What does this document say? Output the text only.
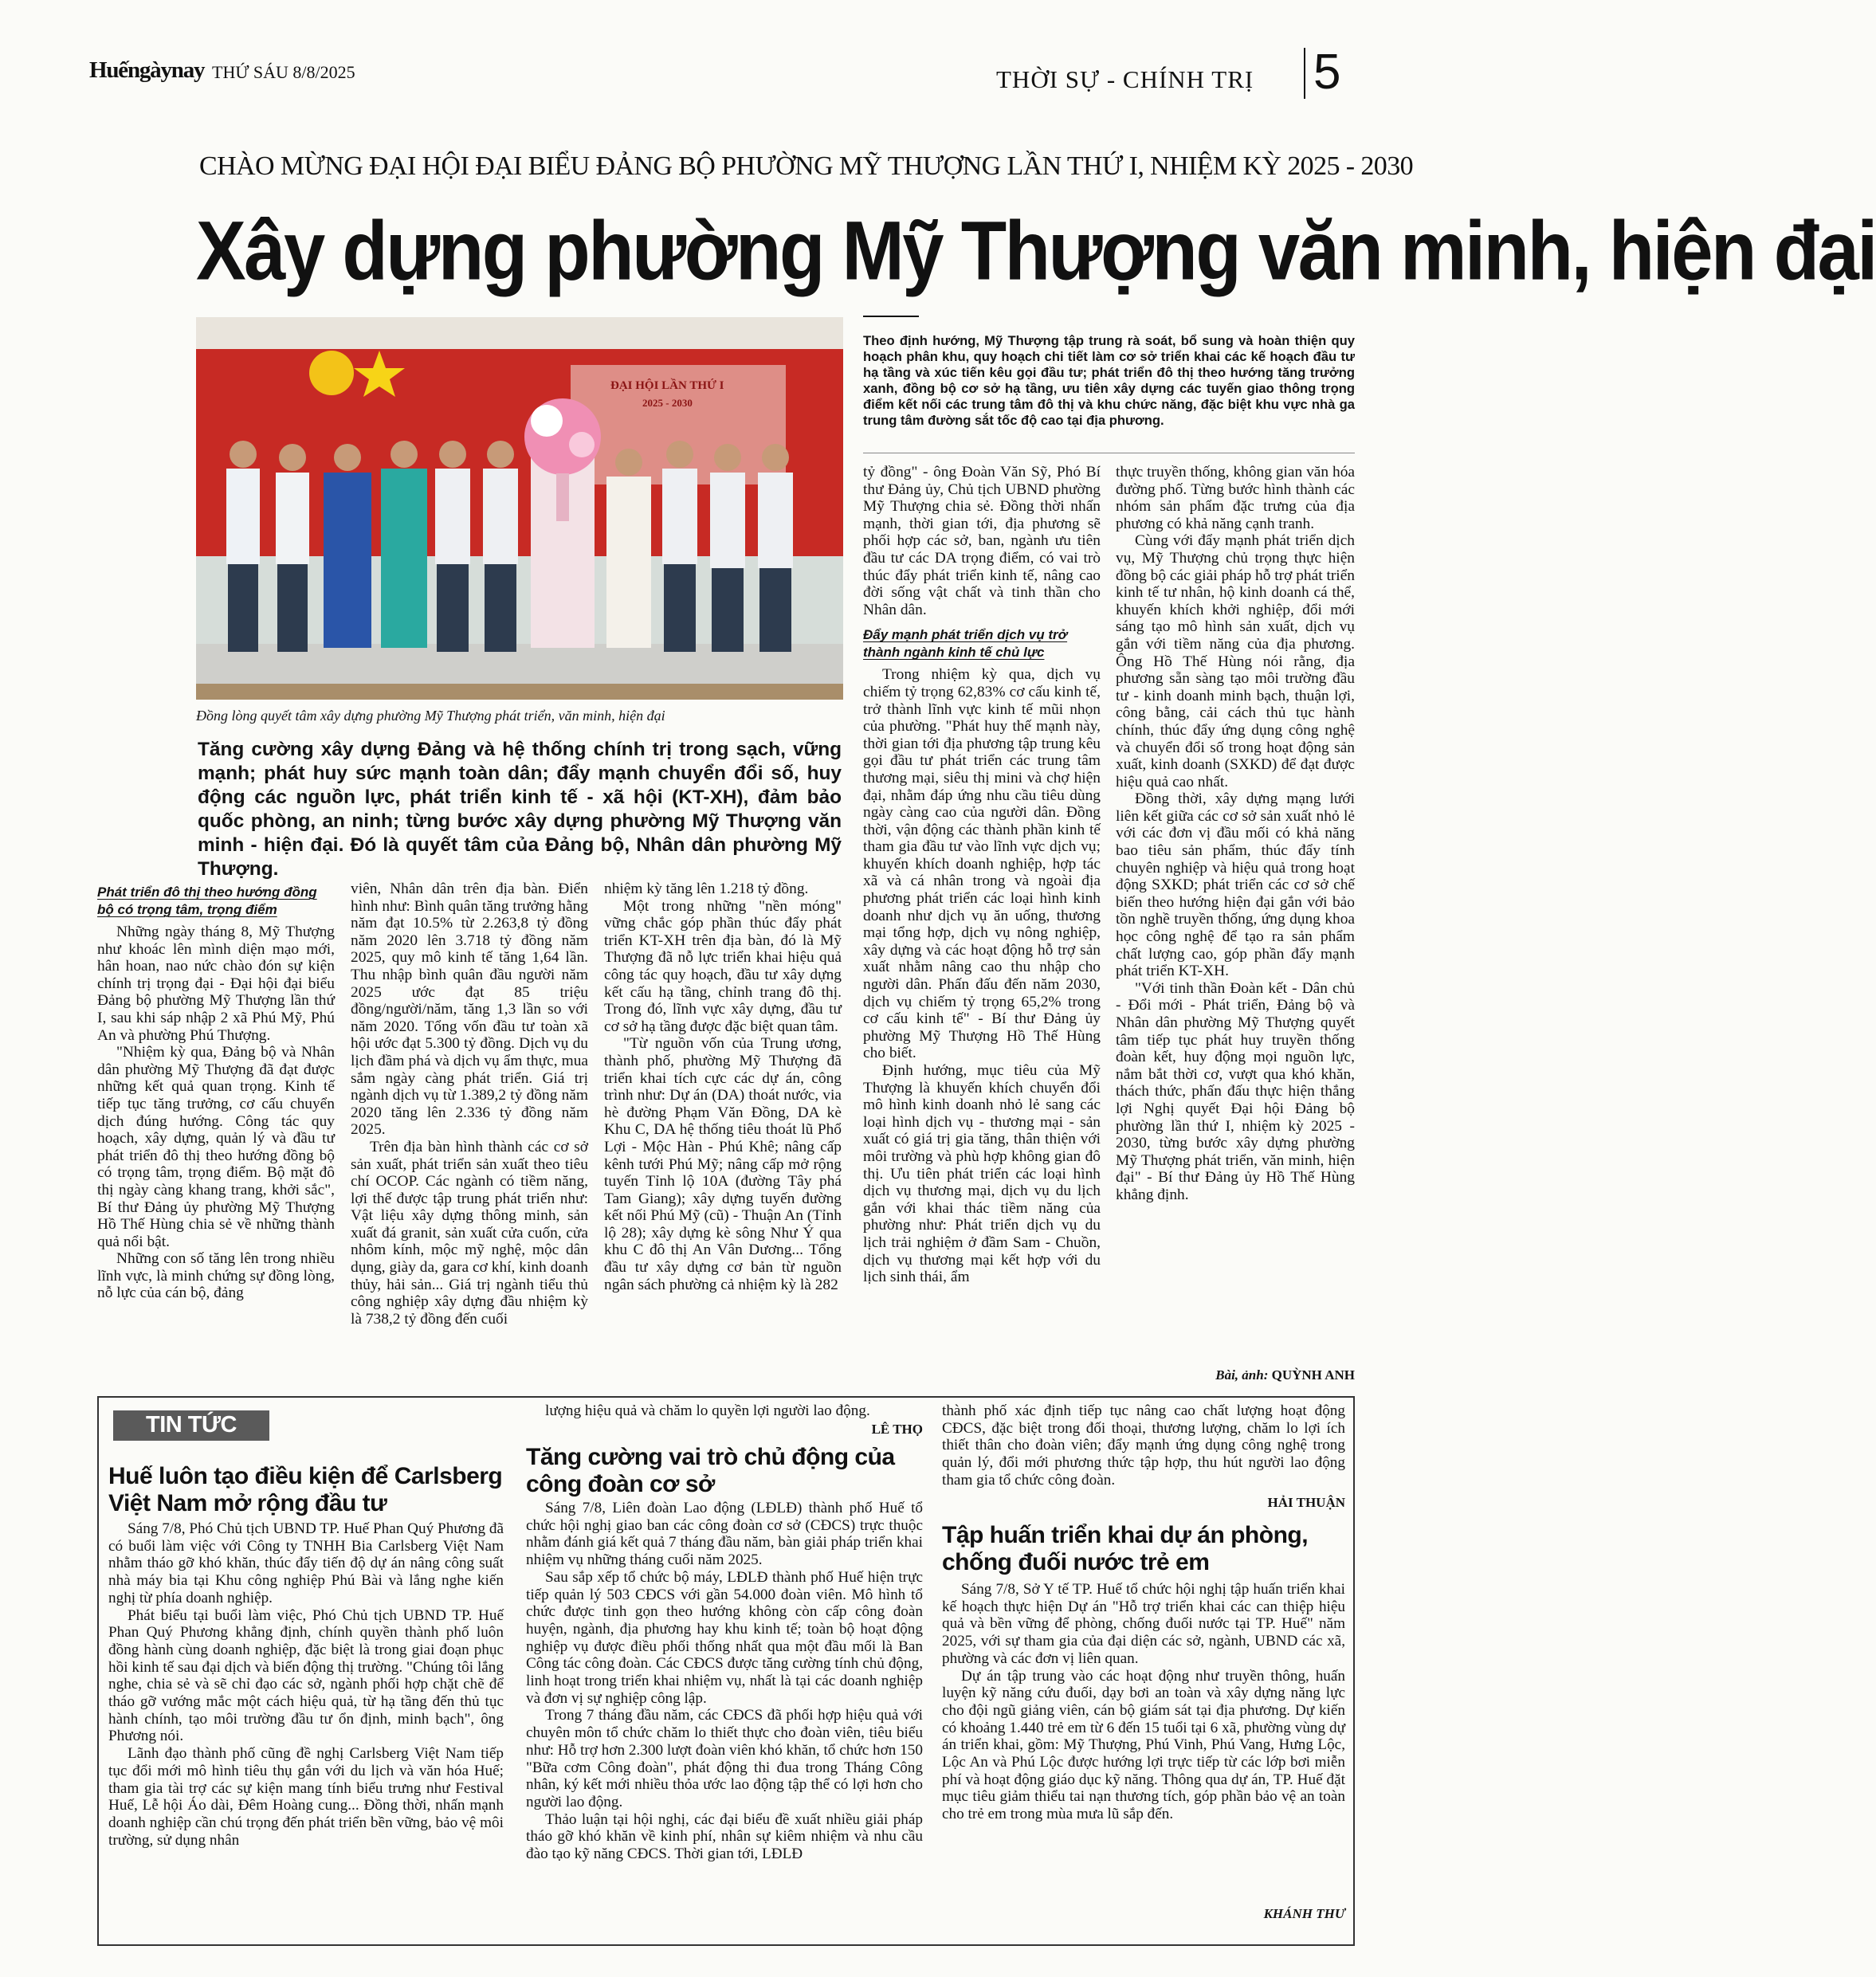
Huếngàynay THỨ SÁU 8/8/2025	THỜI SỰ - CHÍNH TRỊ 5
CHÀO MỪNG ĐẠI HỘI ĐẠI BIỂU ĐẢNG BỘ PHƯỜNG MỸ THƯỢNG LẦN THỨ I, NHIỆM KỲ 2025 - 2030
Xây dựng phường Mỹ Thượng văn minh, hiện đại
ĐẠI HỘI LẦN THỨ I
2025 - 2030
Đồng lòng quyết tâm xây dựng phường Mỹ Thượng phát triển, văn minh, hiện đại
Theo định hướng, Mỹ Thượng tập trung rà soát, bổ sung và hoàn thiện quy hoạch phân khu, quy hoạch chi tiết làm cơ sở triển khai các kế hoạch đầu tư hạ tầng và xúc tiến kêu gọi đầu tư; phát triển đô thị theo hướng tăng trưởng xanh, đồng bộ cơ sở hạ tầng, ưu tiên xây dựng các tuyến giao thông trọng điểm kết nối các trung tâm đô thị và khu chức năng, đặc biệt khu vực nhà ga trung tâm đường sắt tốc độ cao tại địa phương.
Tăng cường xây dựng Đảng và hệ thống chính trị trong sạch, vững mạnh; phát huy sức mạnh toàn dân; đẩy mạnh chuyển đổi số, huy động các nguồn lực, phát triển kinh tế - xã hội (KT-XH), đảm bảo quốc phòng, an ninh; từng bước xây dựng phường Mỹ Thượng văn minh - hiện đại. Đó là quyết tâm của Đảng bộ, Nhân dân phường Mỹ Thượng.
Phát triển đô thị theo hướng đồng bộ có trọng tâm, trọng điểm

Những ngày tháng 8, Mỹ Thượng như khoác lên mình diện mạo mới, hân hoan, nao nức chào đón sự kiện chính trị trọng đại - Đại hội đại biểu Đảng bộ phường Mỹ Thượng lần thứ I, sau khi sáp nhập 2 xã Phú Mỹ, Phú An và phường Phú Thượng.

"Nhiệm kỳ qua, Đảng bộ và Nhân dân phường Mỹ Thượng đã đạt được những kết quả quan trọng. Kinh tế tiếp tục tăng trưởng, cơ cấu chuyển dịch đúng hướng. Công tác quy hoạch, xây dựng, quản lý và đầu tư phát triển đô thị theo hướng đồng bộ có trọng tâm, trọng điểm. Bộ mặt đô thị ngày càng khang trang, khởi sắc", Bí thư Đảng ủy phường Mỹ Thượng Hồ Thế Hùng chia sẻ về những thành quả nổi bật.

Những con số tăng lên trong nhiều lĩnh vực, là minh chứng sự đồng lòng, nỗ lực của cán bộ, đảng

viên, Nhân dân trên địa bàn. Điển hình như: Bình quân tăng trưởng hằng năm đạt 10.5% từ 2.263,8 tỷ đồng năm 2020 lên 3.718 tỷ đồng năm 2025, quy mô kinh tế tăng 1,64 lần. Thu nhập bình quân đầu người năm 2025 ước đạt 85 triệu đồng/người/năm, tăng 1,3 lần so với năm 2020. Tổng vốn đầu tư toàn xã hội ước đạt 5.300 tỷ đồng. Dịch vụ du lịch đầm phá và dịch vụ ẩm thực, mua sắm ngày càng phát triển. Giá trị ngành dịch vụ từ 1.389,2 tỷ đồng năm 2020 tăng lên 2.336 tỷ đồng năm 2025.

Trên địa bàn hình thành các cơ sở sản xuất, phát triển sản xuất theo tiêu chí OCOP. Các ngành có tiềm năng, lợi thế được tập trung phát triển như: Vật liệu xây dựng thông minh, sản xuất đá granit, sản xuất cửa cuốn, cửa nhôm kính, mộc mỹ nghệ, mộc dân dụng, giày da, gara cơ khí, kinh doanh thủy, hải sản... Giá trị ngành tiểu thủ công nghiệp xây dựng đầu nhiệm kỳ là 738,2 tỷ đồng đến cuối

nhiệm kỳ tăng lên 1.218 tỷ đồng.

Một trong những "nền móng" vững chắc góp phần thúc đẩy phát triển KT-XH trên địa bàn, đó là Mỹ Thượng đã nỗ lực triển khai hiệu quả công tác quy hoạch, đầu tư xây dựng kết cấu hạ tầng, chỉnh trang đô thị. Trong đó, lĩnh vực xây dựng, đầu tư cơ sở hạ tầng được đặc biệt quan tâm.

"Từ nguồn vốn của Trung ương, thành phố, phường Mỹ Thượng đã triển khai tích cực các dự án, công trình như: Dự án (DA) thoát nước, via hè đường Phạm Văn Đồng, DA kè Khu C, DA hệ thống tiêu thoát lũ Phổ Lợi - Mộc Hàn - Phú Khê; nâng cấp kênh tưới Phú Mỹ; nâng cấp mở rộng tuyến Tỉnh lộ 10A (đường Tây phá Tam Giang); xây dựng tuyến đường kết nối Phú Mỹ (cũ) - Thuận An (Tỉnh lộ 28); xây dựng kè sông Như Ý qua khu C đô thị An Vân Dương... Tổng đầu tư xây dựng cơ bản từ nguồn ngân sách phường cả nhiệm kỳ là 282

tỷ đồng" - ông Đoàn Văn Sỹ, Phó Bí thư Đảng ủy, Chủ tịch UBND phường Mỹ Thượng chia sẻ. Đồng thời nhấn mạnh, thời gian tới, địa phương sẽ phối hợp các sở, ban, ngành ưu tiên đầu tư các DA trọng điểm, có vai trò thúc đẩy phát triển kinh tế, nâng cao đời sống vật chất và tinh thần cho Nhân dân.

Đẩy mạnh phát triển dịch vụ trở thành ngành kinh tế chủ lực

Trong nhiệm kỳ qua, dịch vụ chiếm tỷ trọng 62,83% cơ cấu kinh tế, trở thành lĩnh vực kinh tế mũi nhọn của phường. "Phát huy thế mạnh này, thời gian tới địa phương tập trung kêu gọi đầu tư phát triển các trung tâm thương mại, siêu thị mini và chợ hiện đại, nhằm đáp ứng nhu cầu tiêu dùng ngày càng cao của người dân. Đồng thời, vận động các thành phần kinh tế tham gia đầu tư vào lĩnh vực dịch vụ; khuyến khích doanh nghiệp, hợp tác xã và cá nhân trong và ngoài địa phương phát triển các loại hình kinh doanh như dịch vụ ăn uống, thương mại tổng hợp, dịch vụ nông nghiệp, xây dựng và các hoạt động hỗ trợ sản xuất nhằm nâng cao thu nhập cho người dân. Phấn đấu đến năm 2030, dịch vụ chiếm tỷ trọng 65,2% trong cơ cấu kinh tế" - Bí thư Đảng ủy phường Mỹ Thượng Hồ Thế Hùng cho biết.

Định hướng, mục tiêu của Mỹ Thượng là khuyến khích chuyển đổi mô hình kinh doanh nhỏ lẻ sang các loại hình dịch vụ - thương mại - sản xuất có giá trị gia tăng, thân thiện với môi trường và phù hợp không gian đô thị. Ưu tiên phát triển các loại hình dịch vụ thương mại, dịch vụ du lịch gắn với khai thác tiềm năng của phường như: Phát triển dịch vụ du lịch trải nghiệm ở đầm Sam - Chuồn, dịch vụ thương mại kết hợp với du lịch sinh thái, ẩm

thực truyền thống, không gian văn hóa đường phố. Từng bước hình thành các nhóm sản phẩm đặc trưng của địa phương có khả năng cạnh tranh.

Cùng với đẩy mạnh phát triển dịch vụ, Mỹ Thượng chủ trọng thực hiện đồng bộ các giải pháp hỗ trợ phát triển kinh tế tư nhân, hộ kinh doanh cá thể, khuyến khích khởi nghiệp, đổi mới sáng tạo mô hình sản xuất, dịch vụ gắn với tiềm năng của địa phương. Ông Hồ Thế Hùng nói rằng, địa phương sẵn sàng tạo môi trường đầu tư - kinh doanh minh bạch, thuận lợi, công bằng, cải cách thủ tục hành chính, thúc đẩy ứng dụng công nghệ và chuyển đổi số trong hoạt động sản xuất, kinh doanh (SXKD) để đạt được hiệu quả cao nhất.

Đồng thời, xây dựng mạng lưới liên kết giữa các cơ sở sản xuất nhỏ lẻ với các đơn vị đầu mối có khả năng bao tiêu sản phẩm, thúc đẩy tính chuyên nghiệp và hiệu quả trong hoạt động SXKD; phát triển các cơ sở chế biến theo hướng hiện đại gắn với bảo tồn nghề truyền thống, ứng dụng khoa học công nghệ để tạo ra sản phẩm chất lượng cao, góp phần đẩy mạnh phát triển KT-XH.

"Với tinh thần Đoàn kết - Dân chủ - Đổi mới - Phát triển, Đảng bộ và Nhân dân phường Mỹ Thượng quyết tâm tiếp tục phát huy truyền thống đoàn kết, huy động mọi nguồn lực, nắm bắt thời cơ, vượt qua khó khăn, thách thức, phấn đấu thực hiện thắng lợi Nghị quyết Đại hội Đảng bộ phường lần thứ I, nhiệm kỳ 2025 - 2030, từng bước xây dựng phường Mỹ Thượng phát triển, văn minh, hiện đại" - Bí thư Đảng ủy Hồ Thế Hùng khẳng định.

Bài, ảnh: QUỲNH ANH
TIN TỨC
Huế luôn tạo điều kiện để Carlsberg Việt Nam mở rộng đầu tư

Sáng 7/8, Phó Chủ tịch UBND TP. Huế Phan Quý Phương đã có buổi làm việc với Công ty TNHH Bia Carlsberg Việt Nam nhằm tháo gỡ khó khăn, thúc đẩy tiến độ dự án nâng công suất nhà máy bia tại Khu công nghiệp Phú Bài và lắng nghe kiến nghị từ phía doanh nghiệp.

Phát biểu tại buổi làm việc, Phó Chủ tịch UBND TP. Huế Phan Quý Phương khẳng định, chính quyền thành phố luôn đồng hành cùng doanh nghiệp, đặc biệt là trong giai đoạn phục hồi kinh tế sau đại dịch và biến động thị trường. "Chúng tôi lắng nghe, chia sẻ và sẽ chỉ đạo các sở, ngành phối hợp chặt chẽ để tháo gỡ vướng mắc một cách hiệu quả, từ hạ tầng đến thủ tục hành chính, tạo môi trường đầu tư ổn định, minh bạch", ông Phương nói.

Lãnh đạo thành phố cũng đề nghị Carlsberg Việt Nam tiếp tục đổi mới mô hình tiêu thụ gắn với du lịch và văn hóa Huế; tham gia tài trợ các sự kiện mang tính biểu trưng như Festival Huế, Lễ hội Áo dài, Đêm Hoàng cung... Đồng thời, nhấn mạnh doanh nghiệp cần chú trọng đến phát triển bền vững, bảo vệ môi trường, sử dụng nhân

lượng hiệu quả và chăm lo quyền lợi người lao động.

LÊ THỌ
Tăng cường vai trò chủ động của công đoàn cơ sở

Sáng 7/8, Liên đoàn Lao động (LĐLĐ) thành phố Huế tổ chức hội nghị giao ban các công đoàn cơ sở (CĐCS) trực thuộc nhằm đánh giá kết quả 7 tháng đầu năm, bàn giải pháp triển khai nhiệm vụ những tháng cuối năm 2025.

Sau sắp xếp tổ chức bộ máy, LĐLĐ thành phố Huế hiện trực tiếp quản lý 503 CĐCS với gần 54.000 đoàn viên. Mô hình tổ chức được tinh gọn theo hướng không còn cấp công đoàn huyện, ngành, địa phương hay khu kinh tế; toàn bộ hoạt động nghiệp vụ được điều phối thống nhất qua một đầu mối là Ban Công tác công đoàn. Các CĐCS được tăng cường tính chủ động, linh hoạt trong triển khai nhiệm vụ, nhất là tại các doanh nghiệp và đơn vị sự nghiệp công lập.

Trong 7 tháng đầu năm, các CĐCS đã phối hợp hiệu quả với chuyên môn tổ chức chăm lo thiết thực cho đoàn viên, tiêu biểu như: Hỗ trợ hơn 2.300 lượt đoàn viên khó khăn, tổ chức hơn 150 "Bữa cơm Công đoàn", phát động thi đua trong Tháng Công nhân, ký kết mới nhiều thỏa ước lao động tập thể có lợi hơn cho người lao động.

Thảo luận tại hội nghị, các đại biểu đề xuất nhiều giải pháp tháo gỡ khó khăn về kinh phí, nhân sự kiêm nhiệm và nhu cầu đào tạo kỹ năng CĐCS. Thời gian tới, LĐLĐ

thành phố xác định tiếp tục nâng cao chất lượng hoạt động CĐCS, đặc biệt trong đối thoại, thương lượng, chăm lo lợi ích thiết thân cho đoàn viên; đẩy mạnh ứng dụng công nghệ trong quản lý, đổi mới phương thức tập hợp, thu hút người lao động tham gia tổ chức công đoàn.

HẢI THUẬN
Tập huấn triển khai dự án phòng, chống đuối nước trẻ em

Sáng 7/8, Sở Y tế TP. Huế tổ chức hội nghị tập huấn triển khai kế hoạch thực hiện Dự án "Hỗ trợ triển khai các can thiệp hiệu quả và bền vững để phòng, chống đuối nước tại TP. Huế" năm 2025, với sự tham gia của đại diện các sở, ngành, UBND các xã, phường và các đơn vị liên quan.

Dự án tập trung vào các hoạt động như truyền thông, huấn luyện kỹ năng cứu đuối, dạy bơi an toàn và xây dựng năng lực cho đội ngũ giảng viên, cán bộ giám sát tại địa phương. Dự kiến có khoảng 1.440 trẻ em từ 6 đến 15 tuổi tại 6 xã, phường vùng dự án triển khai, gồm: Mỹ Thượng, Phú Vinh, Phú Vang, Hưng Lộc, Lộc An và Phú Lộc được hướng lợi trực tiếp từ các lớp bơi miễn phí và hoạt động giáo dục kỹ năng. Thông qua dự án, TP. Huế đặt mục tiêu giảm thiểu tai nạn thương tích, góp phần bảo vệ an toàn cho trẻ em trong mùa mưa lũ sắp đến.

KHÁNH THƯ
